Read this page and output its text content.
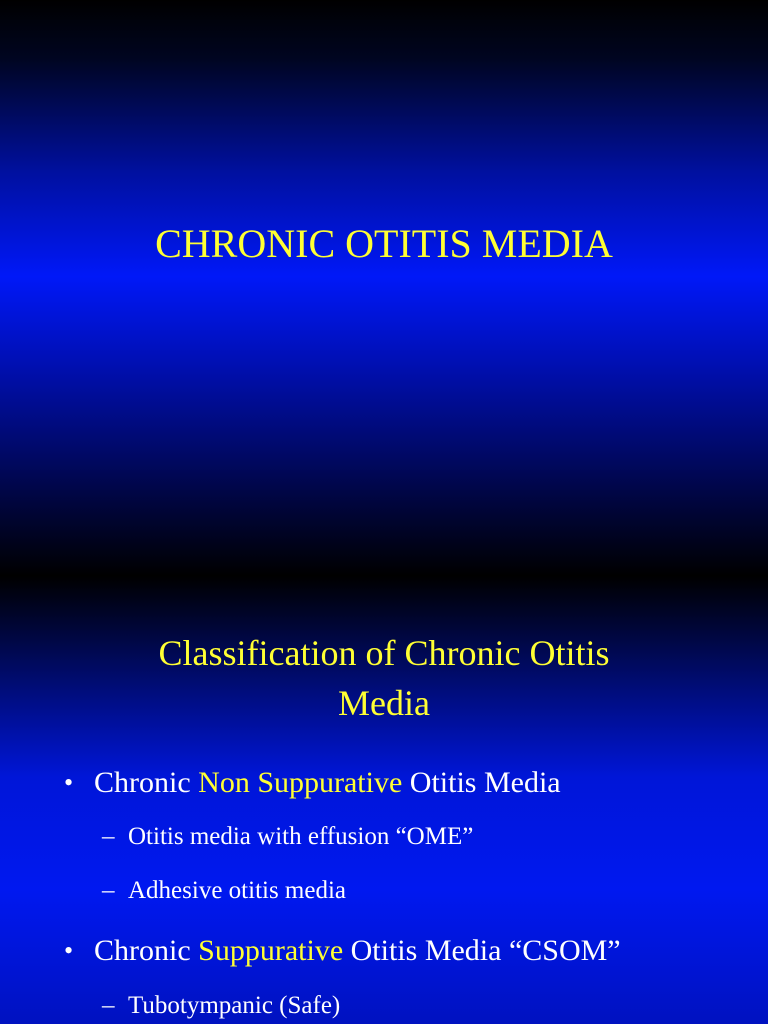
CHRONIC OTITIS MEDIA
Classification of Chronic Otitis
Media
• Chronic Non Suppurative Otitis Media
– Otitis media with effusion “OME”
– Adhesive otitis media
• Chronic Suppurative Otitis Media “CSOM”
– Tubotympanic (Safe)
